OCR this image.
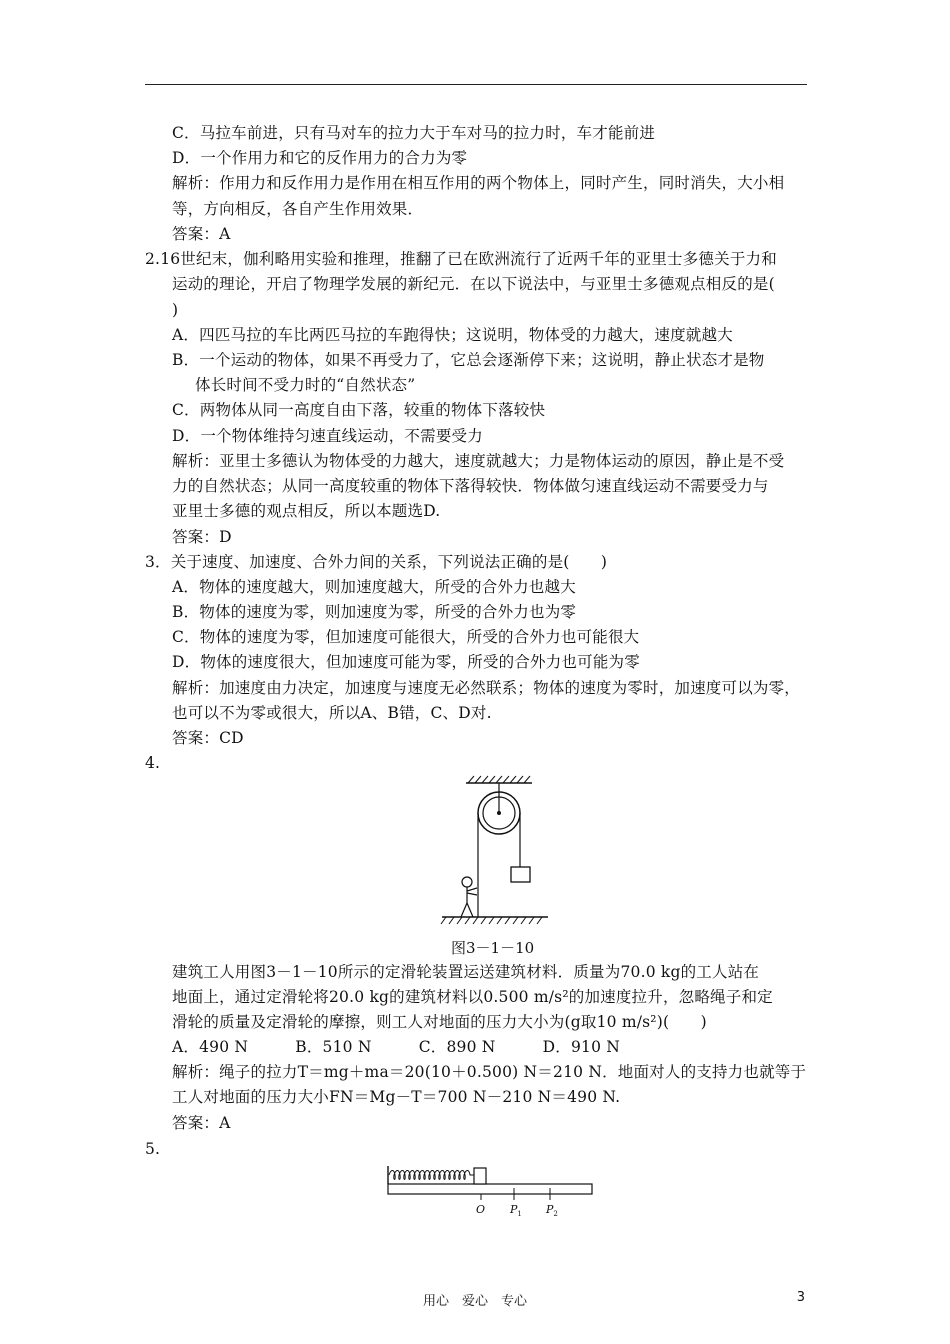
C．马拉车前进，只有马对车的拉力大于车对马的拉力时，车才能前进
D．一个作用力和它的反作用力的合力为零
解析：作用力和反作用力是作用在相互作用的两个物体上，同时产生，同时消失，大小相
等，方向相反，各自产生作用效果．
答案：A
2.16世纪末，伽利略用实验和推理，推翻了已在欧洲流行了近两千年的亚里士多德关于力和
运动的理论，开启了物理学发展的新纪元．在以下说法中，与亚里士多德观点相反的是(
)
A．四匹马拉的车比两匹马拉的车跑得快；这说明，物体受的力越大，速度就越大
B．一个运动的物体，如果不再受力了，它总会逐渐停下来；这说明，静止状态才是物
体长时间不受力时的“自然状态”
C．两物体从同一高度自由下落，较重的物体下落较快
D．一个物体维持匀速直线运动，不需要受力
解析：亚里士多德认为物体受的力越大，速度就越大；力是物体运动的原因，静止是不受
力的自然状态；从同一高度较重的物体下落得较快．物体做匀速直线运动不需要受力与
亚里士多德的观点相反，所以本题选D.
答案：D
3．关于速度、加速度、合外力间的关系，下列说法正确的是(　　)
A．物体的速度越大，则加速度越大，所受的合外力也越大
B．物体的速度为零，则加速度为零，所受的合外力也为零
C．物体的速度为零，但加速度可能很大，所受的合外力也可能很大
D．物体的速度很大，但加速度可能为零，所受的合外力也可能为零
解析：加速度由力决定，加速度与速度无必然联系；物体的速度为零时，加速度可以为零，
也可以不为零或很大，所以A、B错，C、D对.
答案：CD
4.
建筑工人用图3－1－10所示的定滑轮装置运送建筑材料．质量为70.0 kg的工人站在
地面上，通过定滑轮将20.0 kg的建筑材料以0.500 m/s²的加速度拉升，忽略绳子和定
滑轮的质量及定滑轮的摩擦，则工人对地面的压力大小为(g取10 m/s²)(　　)
A．490 N　　　B．510 N　　　C．890 N　　　D．910 N
解析：绳子的拉力T＝mg＋ma＝20(10＋0.500) N＝210 N．地面对人的支持力也就等于
工人对地面的压力大小FN＝Mg－T＝700 N－210 N＝490 N.
答案：A
5.
图3－1－10
O $P_1$ $P_2$
用心　爱心　专心	3
